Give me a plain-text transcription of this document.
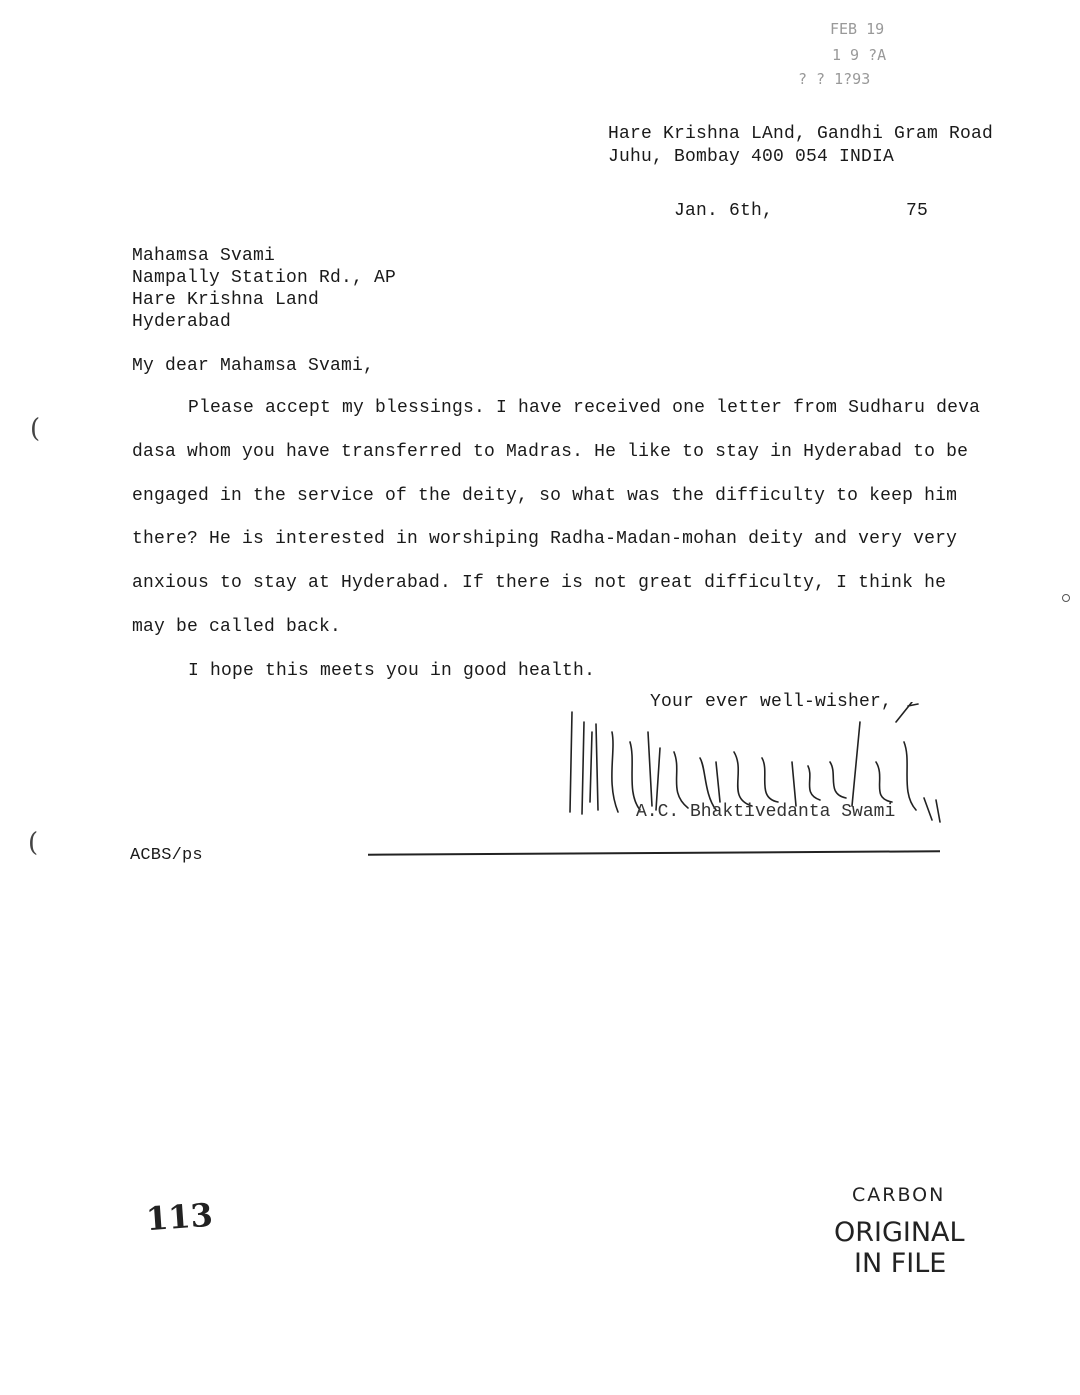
FEB 19
1 9 ?A
? ? 1?93
Hare Krishna LAnd, Gandhi Gram Road
Juhu, Bombay 400 054 INDIA
Jan. 6th,	75
Mahamsa Svami
Nampally Station Rd., AP
Hare Krishna Land
Hyderabad
My dear Mahamsa Svami,
(
(
Please accept my blessings. I have received one letter from Sudharu deva
dasa whom you have transferred to Madras. He like to stay in Hyderabad to be
engaged in the service of the deity, so what was the difficulty to keep him
there? He is interested in worshiping Radha-Madan-mohan deity and very very
anxious to stay at Hyderabad. If there is not great difficulty, I think he
may be called back.
I hope this meets you in good health.
Your ever well-wisher,
A.C. Bhaktivedanta Swami
ACBS/ps
113
CARBON
ORIGINAL
IN FILE
